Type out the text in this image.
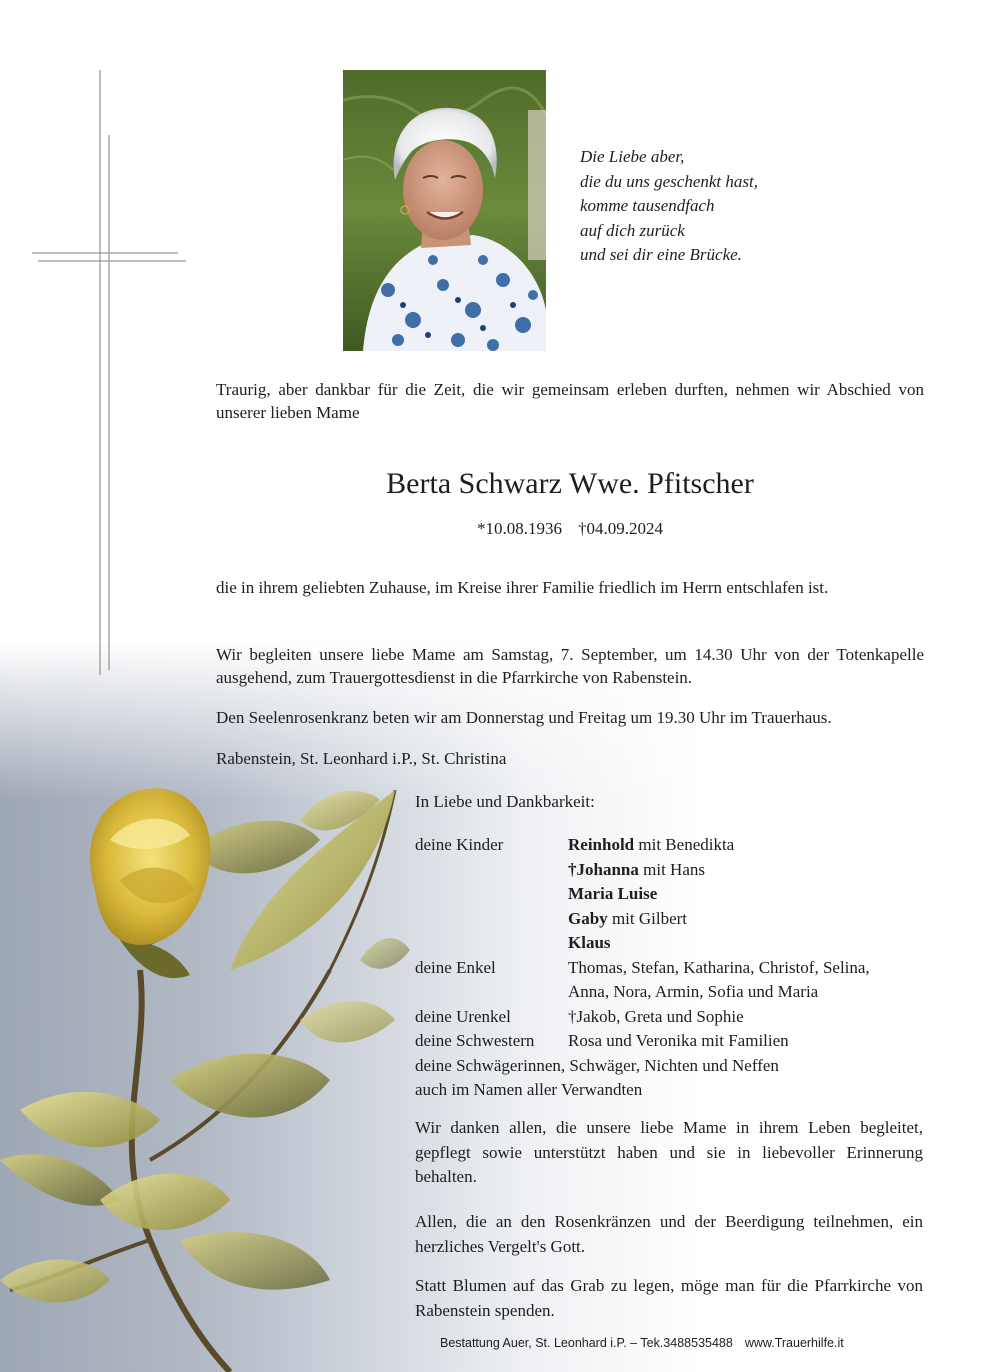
Die Liebe aber,
die du uns geschenkt hast,
komme tausendfach
auf dich zurück
und sei dir eine Brücke.
Traurig, aber dankbar für die Zeit, die wir gemeinsam erleben durften, nehmen wir Abschied von unserer lieben Mame
Berta Schwarz Wwe. Pfitscher
*10.08.1936 †04.09.2024
die in ihrem geliebten Zuhause, im Kreise ihrer Familie friedlich im Herrn entschlafen ist.
Wir begleiten unsere liebe Mame am Samstag, 7. September, um 14.30 Uhr von der Totenkapelle ausgehend, zum Trauergottesdienst in die Pfarrkirche von Rabenstein.
Den Seelenrosenkranz beten wir am Donnerstag und Freitag um 19.30 Uhr im Trauerhaus.
Rabenstein, St. Leonhard i.P., St. Christina
In Liebe und Dankbarkeit:
deine Kinder	Reinhold mit Benedikta
†Johanna mit Hans
Maria Luise
Gaby mit Gilbert
Klaus
deine Enkel	Thomas, Stefan, Katharina, Christof, Selina,
Anna, Nora, Armin, Sofia und Maria
deine Urenkel	†Jakob, Greta und Sophie
deine Schwestern	Rosa und Veronika mit Familien
deine Schwägerinnen, Schwäger, Nichten und Neffen
auch im Namen aller Verwandten
Wir danken allen, die unsere liebe Mame in ihrem Leben begleitet, gepflegt sowie unterstützt haben und sie in liebevoller Erinnerung behalten.
Allen, die an den Rosenkränzen und der Beerdigung teilnehmen, ein herzliches Vergelt's Gott.
Statt Blumen auf das Grab zu legen, möge man für die Pfarrkirche von Rabenstein spenden.
Bestattung Auer, St. Leonhard i.P. – Tek.3488535488 www.Trauerhilfe.it
